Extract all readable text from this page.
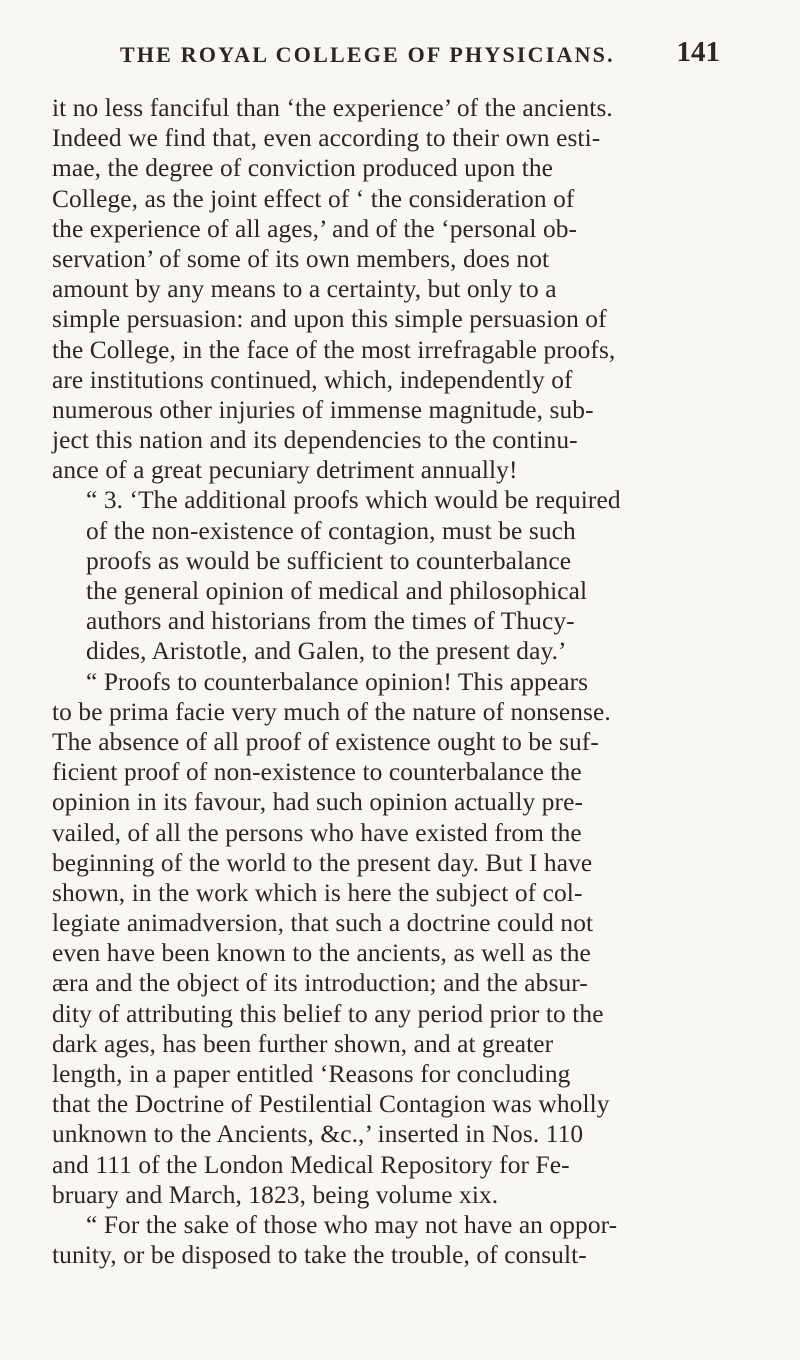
THE ROYAL COLLEGE OF PHYSICIANS. 141
it no less fanciful than ‘the experience’ of the ancients.
Indeed we find that, even according to their own esti-
mae, the degree of conviction produced upon the
College, as the joint effect of ‘ the consideration of
the experience of all ages,’ and of the ‘personal ob-
servation’ of some of its own members, does not
amount by any means to a certainty, but only to a
simple persuasion: and upon this simple persuasion of
the College, in the face of the most irrefragable proofs,
are institutions continued, which, independently of
numerous other injuries of immense magnitude, sub-
ject this nation and its dependencies to the continu-
ance of a great pecuniary detriment annually!
“ 3. ‘The additional proofs which would be required
of the non-existence of contagion, must be such
proofs as would be sufficient to counterbalance
the general opinion of medical and philosophical
authors and historians from the times of Thucy-
dides, Aristotle, and Galen, to the present day.’
“ Proofs to counterbalance opinion! This appears
to be prima facie very much of the nature of nonsense.
The absence of all proof of existence ought to be suf-
ficient proof of non-existence to counterbalance the
opinion in its favour, had such opinion actually pre-
vailed, of all the persons who have existed from the
beginning of the world to the present day. But I have
shown, in the work which is here the subject of col-
legiate animadversion, that such a doctrine could not
even have been known to the ancients, as well as the
æra and the object of its introduction; and the absur-
dity of attributing this belief to any period prior to the
dark ages, has been further shown, and at greater
length, in a paper entitled ‘Reasons for concluding
that the Doctrine of Pestilential Contagion was wholly
unknown to the Ancients, &c.,’ inserted in Nos. 110
and 111 of the London Medical Repository for Fe-
bruary and March, 1823, being volume xix.
“ For the sake of those who may not have an oppor-
tunity, or be disposed to take the trouble, of consult-
